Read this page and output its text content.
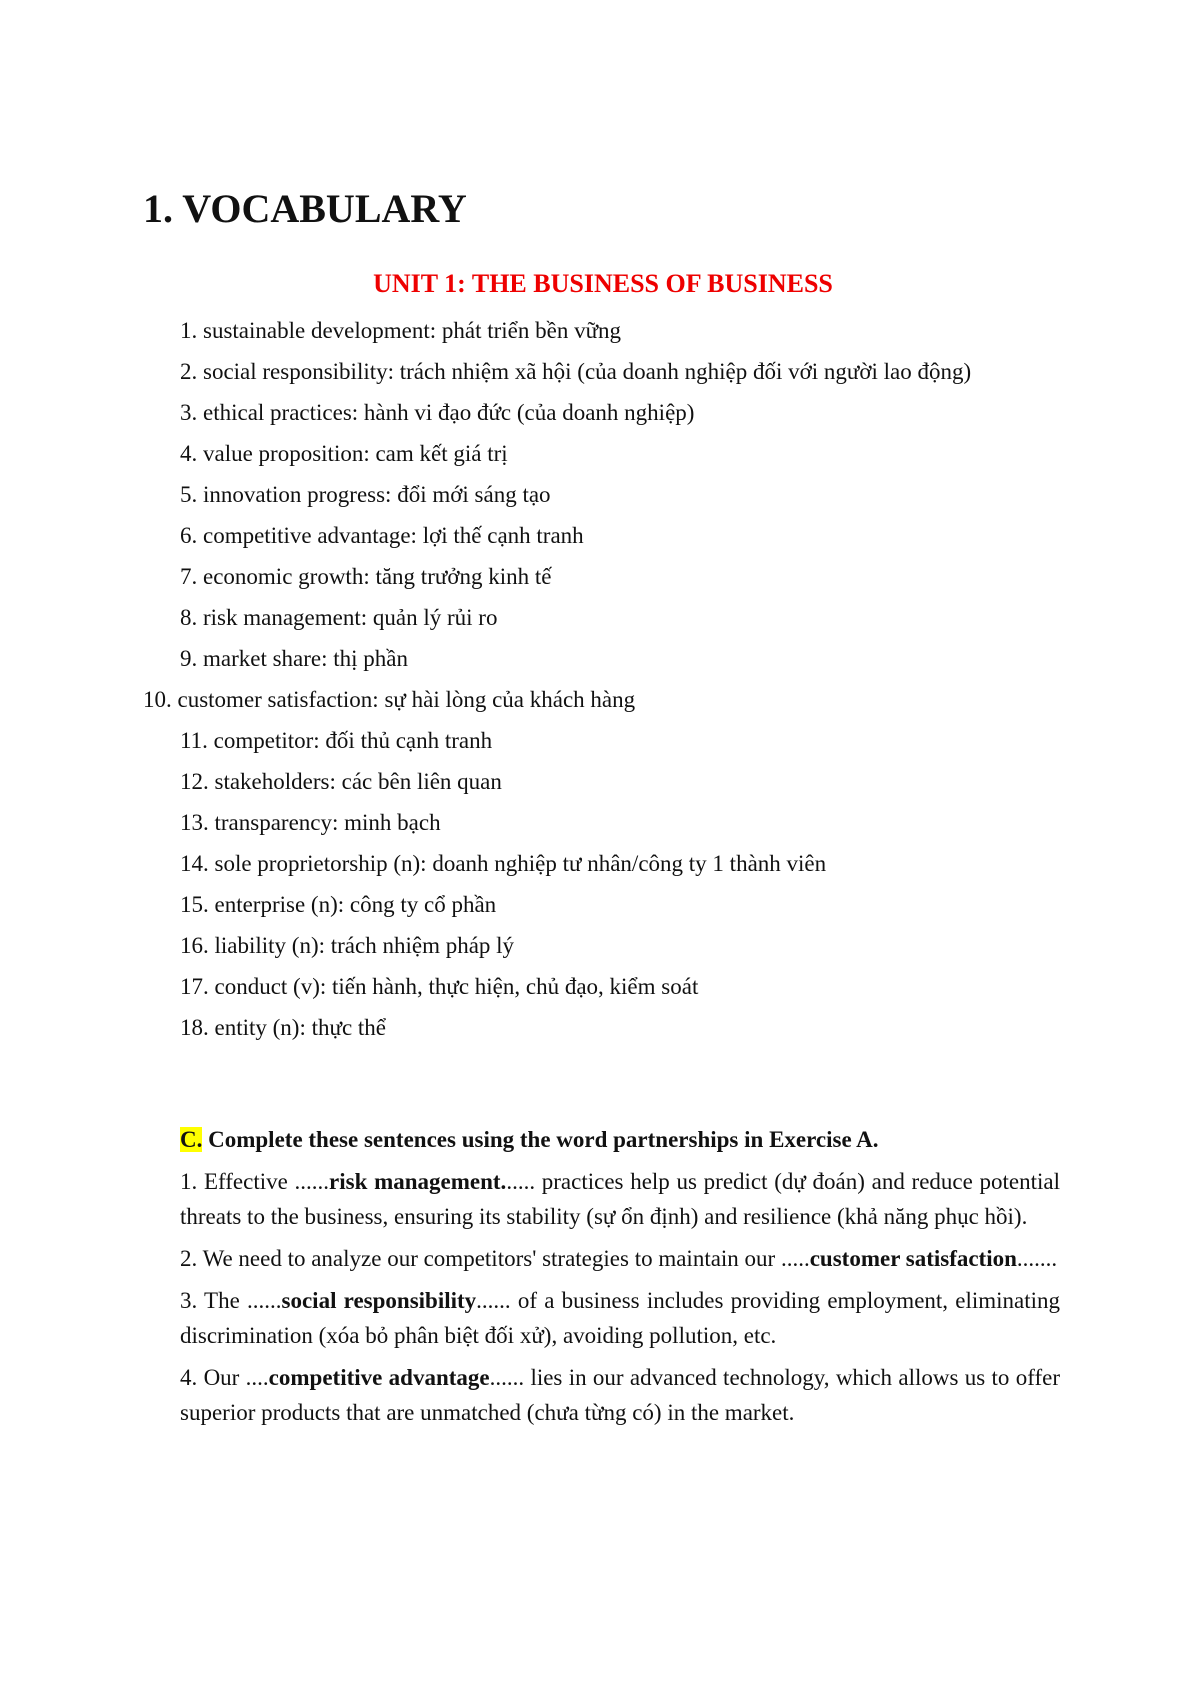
1. VOCABULARY
UNIT 1: THE BUSINESS OF BUSINESS
1. sustainable development: phát triển bền vững
2. social responsibility: trách nhiệm xã hội (của doanh nghiệp đối với người lao động)
3. ethical practices: hành vi đạo đức (của doanh nghiệp)
4. value proposition: cam kết giá trị
5. innovation progress: đổi mới sáng tạo
6. competitive advantage: lợi thế cạnh tranh
7. economic growth: tăng trưởng kinh tế
8. risk management: quản lý rủi ro
9. market share: thị phần
10. customer satisfaction: sự hài lòng của khách hàng
11. competitor: đối thủ cạnh tranh
12. stakeholders: các bên liên quan
13. transparency: minh bạch
14. sole proprietorship (n): doanh nghiệp tư nhân/công ty 1 thành viên
15. enterprise (n): công ty cổ phần
16. liability (n): trách nhiệm pháp lý
17. conduct (v): tiến hành, thực hiện, chủ đạo, kiểm soát
18. entity (n): thực thể

C. Complete these sentences using the word partnerships in Exercise A.

1. Effective ......risk management...... practices help us predict (dự đoán) and reduce potential threats to the business, ensuring its stability (sự ổn định) and resilience (khả năng phục hồi).

2. We need to analyze our competitors' strategies to maintain our .....customer satisfaction.......

3. The ......social responsibility...... of a business includes providing employment, eliminating discrimination (xóa bỏ phân biệt đối xử), avoiding pollution, etc.

4. Our ....competitive advantage...... lies in our advanced technology, which allows us to offer superior products that are unmatched (chưa từng có) in the market.
